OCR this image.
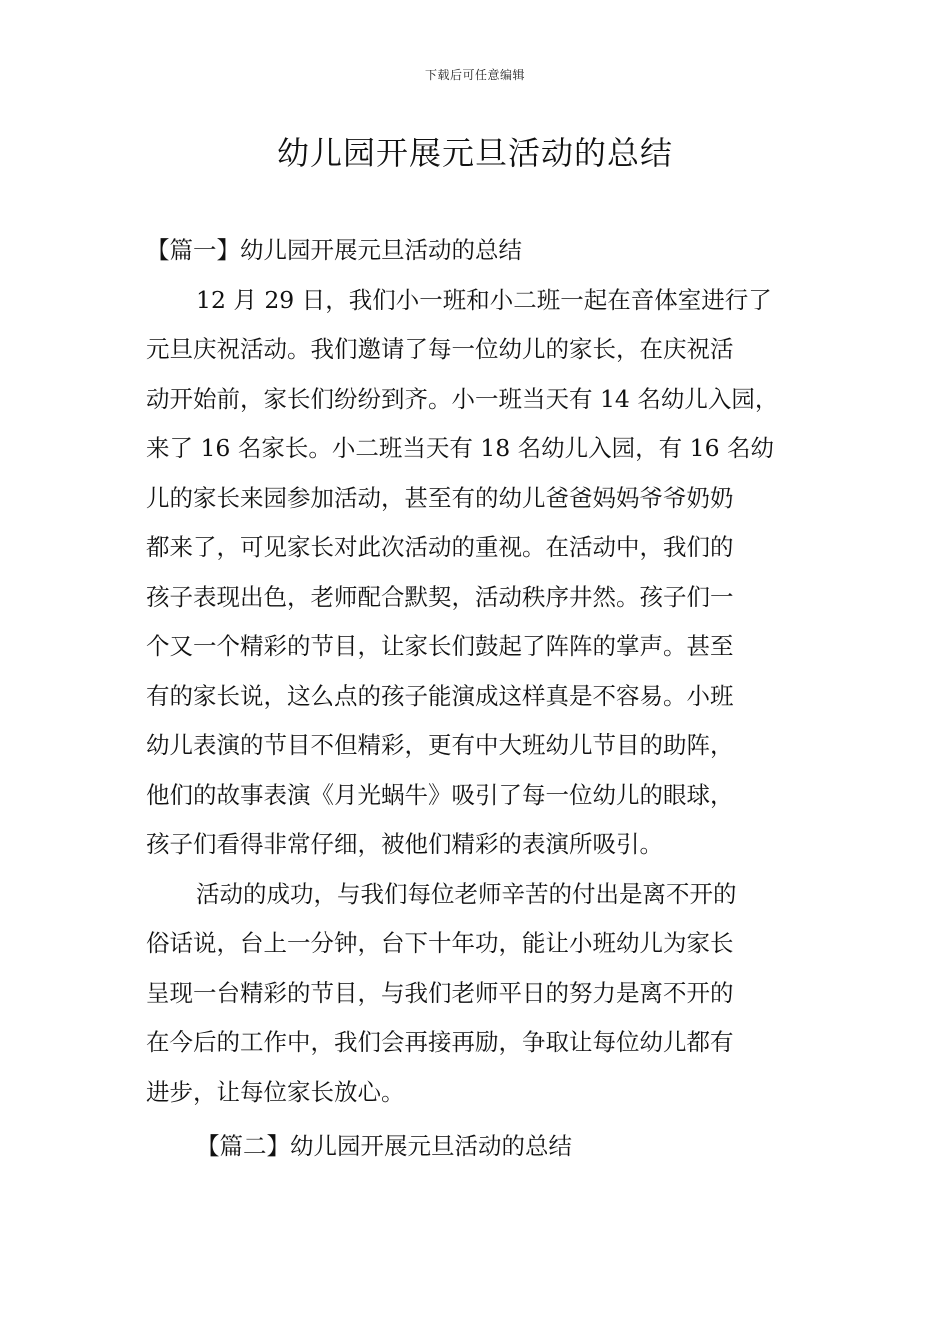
下载后可任意编辑
幼儿园开展元旦活动的总结
【篇一】幼儿园开展元旦活动的总结
12 月 29 日，我们小一班和小二班一起在音体室进行了
元旦庆祝活动。我们邀请了每一位幼儿的家长，在庆祝活
动开始前，家长们纷纷到齐。小一班当天有 14 名幼儿入园，
来了 16 名家长。小二班当天有 18 名幼儿入园，有 16 名幼
儿的家长来园参加活动，甚至有的幼儿爸爸妈妈爷爷奶奶
都来了，可见家长对此次活动的重视。在活动中，我们的
孩子表现出色，老师配合默契，活动秩序井然。孩子们一
个又一个精彩的节目，让家长们鼓起了阵阵的掌声。甚至
有的家长说，这么点的孩子能演成这样真是不容易。小班
幼儿表演的节目不但精彩，更有中大班幼儿节目的助阵，
他们的故事表演《月光蜗牛》吸引了每一位幼儿的眼球，
孩子们看得非常仔细，被他们精彩的表演所吸引。
活动的成功，与我们每位老师辛苦的付出是离不开的
俗话说，台上一分钟，台下十年功，能让小班幼儿为家长
呈现一台精彩的节目，与我们老师平日的努力是离不开的
在今后的工作中，我们会再接再励，争取让每位幼儿都有
进步，让每位家长放心。
【篇二】幼儿园开展元旦活动的总结
